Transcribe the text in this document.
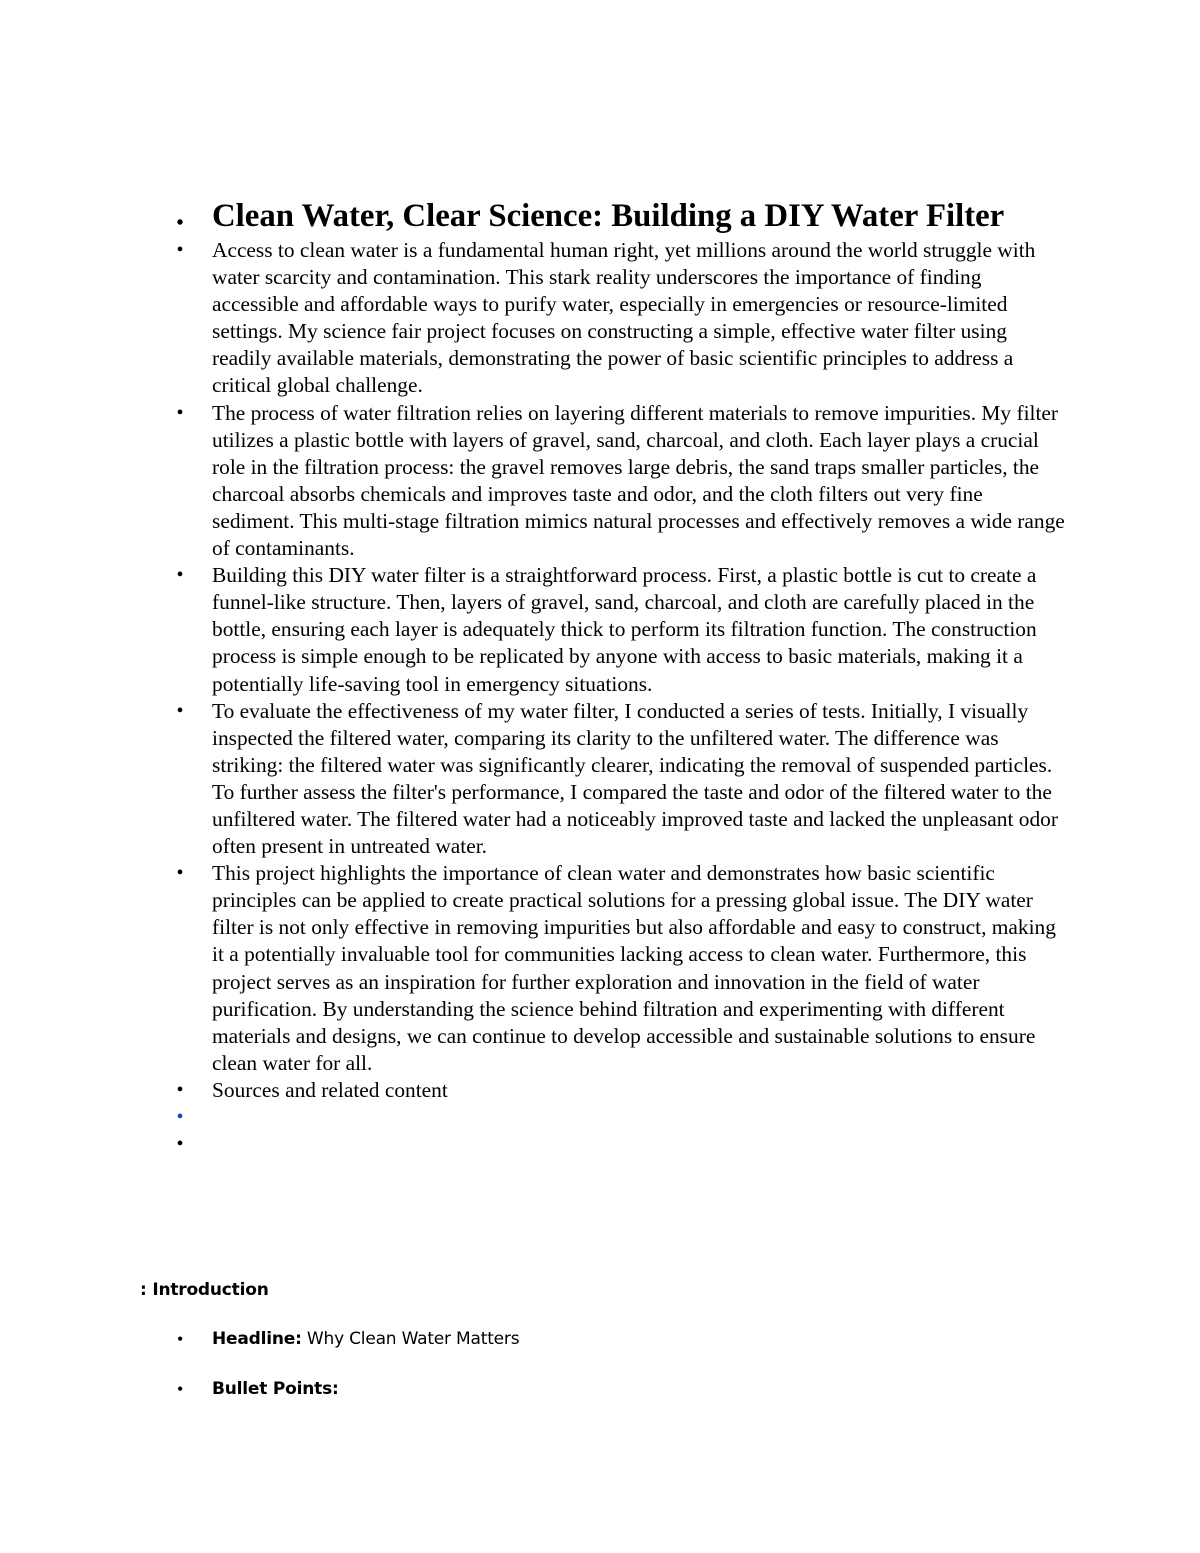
• Clean Water, Clear Science: Building a DIY Water Filter
• Access to clean water is a fundamental human right, yet millions around the world struggle with water scarcity and contamination. This stark reality underscores the importance of finding accessible and affordable ways to purify water, especially in emergencies or resource-limited settings. My science fair project focuses on constructing a simple, effective water filter using readily available materials, demonstrating the power of basic scientific principles to address a critical global challenge.
• The process of water filtration relies on layering different materials to remove impurities. My filter utilizes a plastic bottle with layers of gravel, sand, charcoal, and cloth. Each layer plays a crucial role in the filtration process: the gravel removes large debris, the sand traps smaller particles, the charcoal absorbs chemicals and improves taste and odor, and the cloth filters out very fine sediment. This multi-stage filtration mimics natural processes and effectively removes a wide range of contaminants.
• Building this DIY water filter is a straightforward process. First, a plastic bottle is cut to create a funnel-like structure. Then, layers of gravel, sand, charcoal, and cloth are carefully placed in the bottle, ensuring each layer is adequately thick to perform its filtration function. The construction process is simple enough to be replicated by anyone with access to basic materials, making it a potentially life-saving tool in emergency situations.
• To evaluate the effectiveness of my water filter, I conducted a series of tests. Initially, I visually inspected the filtered water, comparing its clarity to the unfiltered water. The difference was striking: the filtered water was significantly clearer, indicating the removal of suspended particles. To further assess the filter's performance, I compared the taste and odor of the filtered water to the unfiltered water. The filtered water had a noticeably improved taste and lacked the unpleasant odor often present in untreated water.
• This project highlights the importance of clean water and demonstrates how basic scientific principles can be applied to create practical solutions for a pressing global issue. The DIY water filter is not only effective in removing impurities but also affordable and easy to construct, making it a potentially invaluable tool for communities lacking access to clean water. Furthermore, this project serves as an inspiration for further exploration and innovation in the field of water purification. By understanding the science behind filtration and experimenting with different materials and designs, we can continue to develop accessible and sustainable solutions to ensure clean water for all.
• Sources and related content
•

•

: Introduction

• Headline: Why Clean Water Matters
• Bullet Points:
